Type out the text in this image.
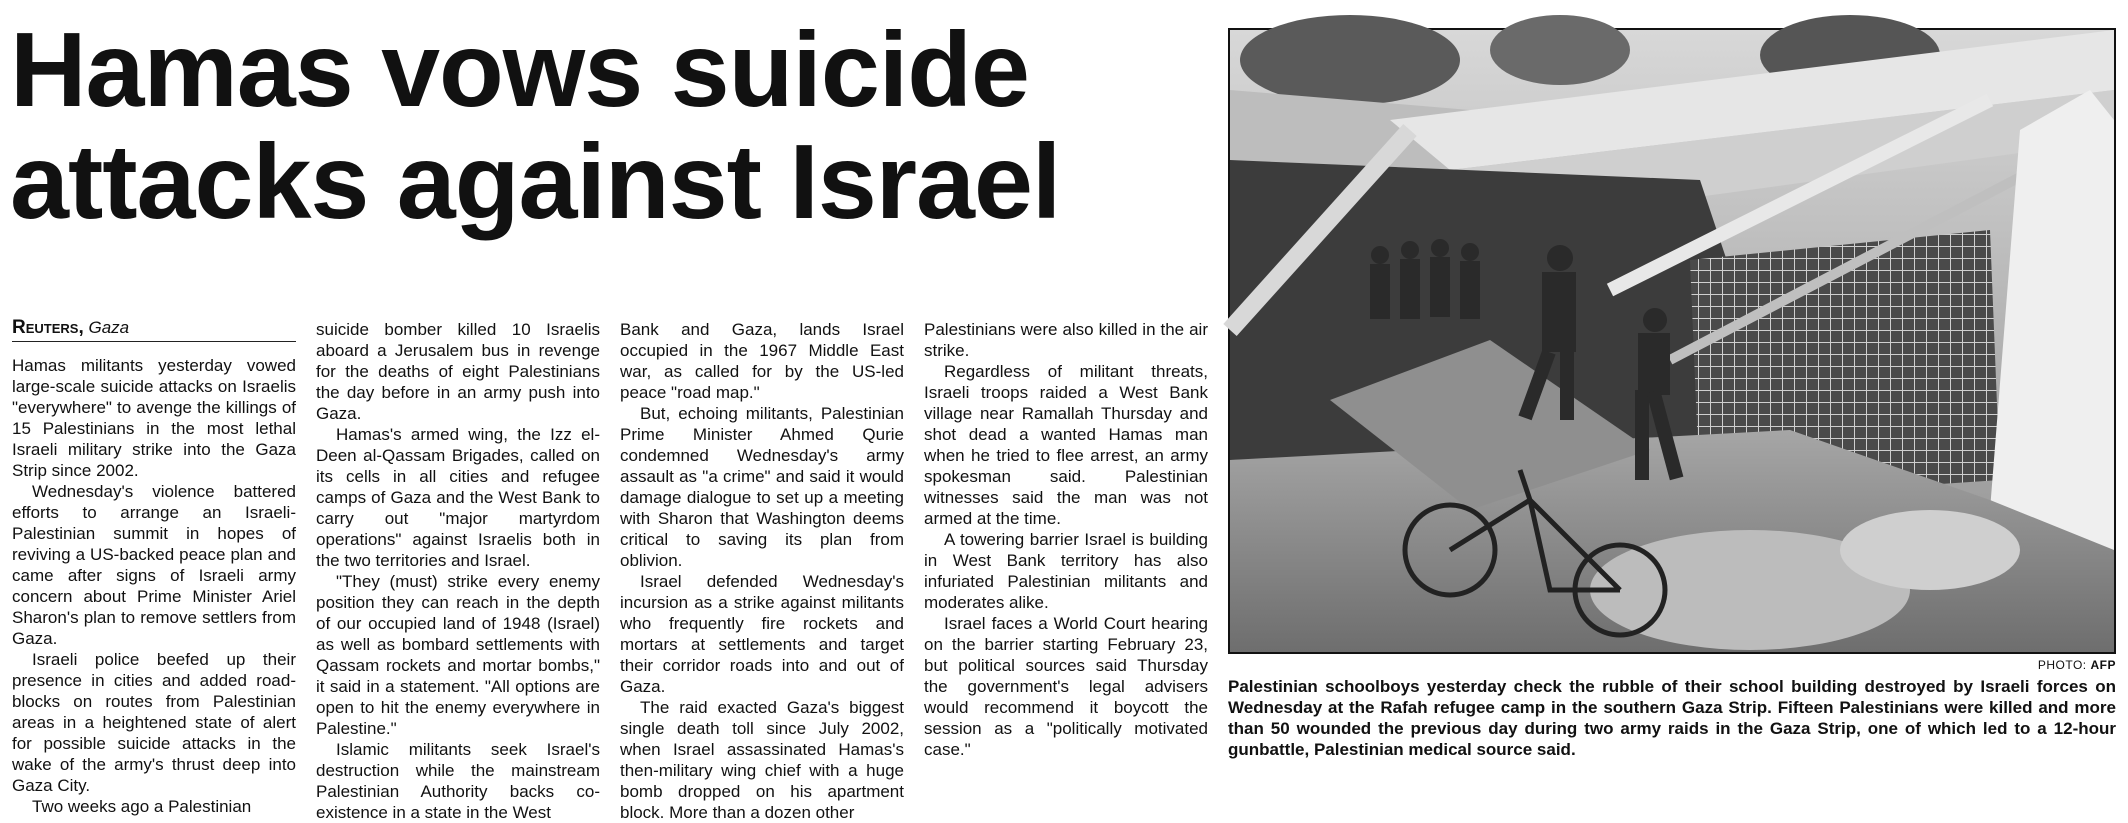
Hamas vows suicide
attacks against Israel
Reuters, Gaza

Hamas militants yesterday vowed large-scale suicide attacks on Israelis "everywhere" to avenge the killings of 15 Palestinians in the most lethal Israeli military strike into the Gaza Strip since 2002.

Wednesday's violence battered efforts to arrange an Israeli-Palestinian summit in hopes of reviving a US-backed peace plan and came after signs of Israeli army concern about Prime Minister Ariel Sharon's plan to remove settlers from Gaza.

Israeli police beefed up their presence in cities and added road-blocks on routes from Palestinian areas in a heightened state of alert for possible suicide attacks in the wake of the army's thrust deep into Gaza City.

Two weeks ago a Palestinian

suicide bomber killed 10 Israelis aboard a Jerusalem bus in revenge for the deaths of eight Palestinians the day before in an army push into Gaza.

Hamas's armed wing, the Izz el-Deen al-Qassam Brigades, called on its cells in all cities and refugee camps of Gaza and the West Bank to carry out "major martyrdom operations" against Israelis both in the two territories and Israel.

"They (must) strike every enemy position they can reach in the depth of our occupied land of 1948 (Israel) as well as bombard settlements with Qassam rockets and mortar bombs," it said in a statement. "All options are open to hit the enemy everywhere in Palestine."

Islamic militants seek Israel's destruction while the mainstream Palestinian Authority backs co-existence in a state in the West

Bank and Gaza, lands Israel occupied in the 1967 Middle East war, as called for by the US-led peace "road map."

But, echoing militants, Palestinian Prime Minister Ahmed Qurie condemned Wednesday's army assault as "a crime" and said it would damage dialogue to set up a meeting with Sharon that Washington deems critical to saving its plan from oblivion.

Israel defended Wednesday's incursion as a strike against militants who frequently fire rockets and mortars at settlements and target their corridor roads into and out of Gaza.

The raid exacted Gaza's biggest single death toll since July 2002, when Israel assassinated Hamas's then-military wing chief with a huge bomb dropped on his apartment block. More than a dozen other

Palestinians were also killed in the air strike.

Regardless of militant threats, Israeli troops raided a West Bank village near Ramallah Thursday and shot dead a wanted Hamas man when he tried to flee arrest, an army spokesman said. Palestinian witnesses said the man was not armed at the time.

A towering barrier Israel is building in West Bank territory has also infuriated Palestinian militants and moderates alike.

Israel faces a World Court hearing on the barrier starting February 23, but political sources said Thursday the government's legal advisers would recommend it boycott the session as a "politically motivated case."

PHOTO: AFP
Palestinian schoolboys yesterday check the rubble of their school building destroyed by Israeli forces on Wednesday at the Rafah refugee camp in the southern Gaza Strip. Fifteen Palestinians were killed and more than 50 wounded the previous day during two army raids in the Gaza Strip, one of which led to a 12-hour gunbattle, Palestinian medical source said.
